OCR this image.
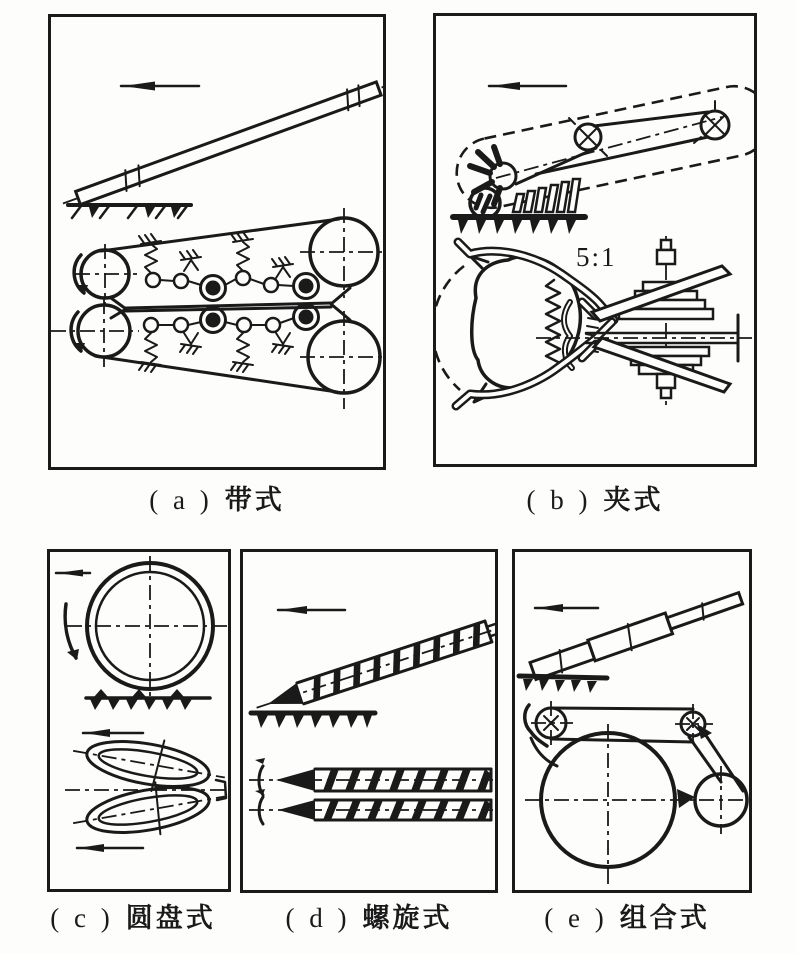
5:1
( a ) 带式	( b ) 夹式
( c ) 圆盘式	( d ) 螺旋式	( e ) 组合式
